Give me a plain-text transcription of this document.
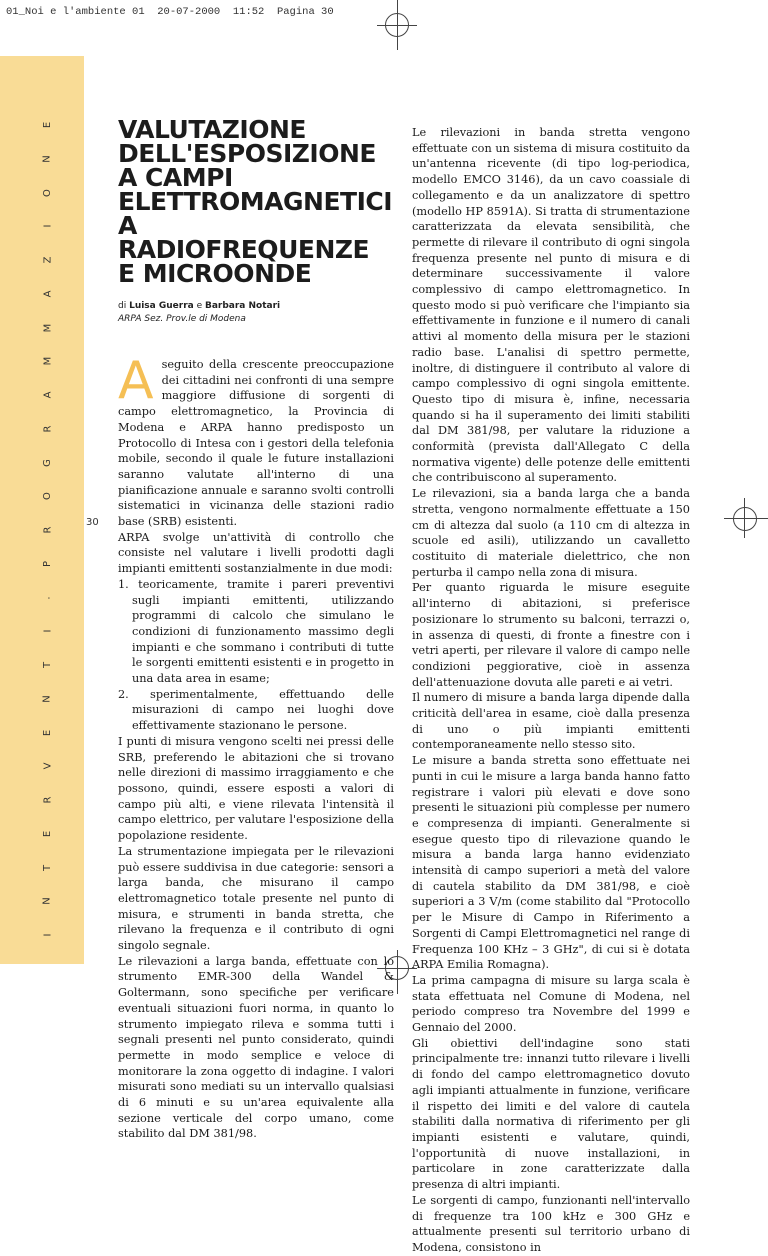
01_Noi e l'ambiente 01  20-07-2000  11:52  Pagina 30
I
N
T
E
R
V
E
N
T
I
.
P
R
O
G
R
A
M
M
A
Z
I
O
N
E
30
VALUTAZIONE
DELL'ESPOSIZIONE
A CAMPI
ELETTROMAGNETICI
A RADIOFREQUENZE
E MICROONDE
di Luisa Guerra e Barbara Notari
ARPA Sez. Prov.le di Modena

Aseguito della crescente preoccupazione dei cittadini nei confronti di una sempre maggiore diffusione di sorgenti di campo elettromagnetico, la Provincia di Modena e ARPA hanno predisposto un Protocollo di Intesa con i gestori della telefonia mobile, secondo il quale le future installazioni saranno valutate all'interno di una pianificazione annuale e saranno svolti controlli sistematici in vicinanza delle stazioni radio base (SRB) esistenti.

ARPA svolge un'attività di controllo che consiste nel valutare i livelli prodotti dagli impianti emittenti sostanzialmente in due modi:

1. teoricamente, tramite i pareri preventivi sugli impianti emittenti, utilizzando programmi di calcolo che simulano le condizioni di funzionamento massimo degli impianti e che sommano i contributi di tutte le sorgenti emittenti esistenti e in progetto in una data area in esame;
2. sperimentalmente, effettuando delle misurazioni di campo nei luoghi dove effettivamente stazionano le persone.

I punti di misura vengono scelti nei pressi delle SRB, preferendo le abitazioni che si trovano nelle direzioni di massimo irraggiamento e che possono, quindi, essere esposti a valori di campo più alti, e viene rilevata l'intensità il campo elettrico, per valutare l'esposizione della popolazione residente.

La strumentazione impiegata per le rilevazioni può essere suddivisa in due categorie: sensori a larga banda, che misurano il campo elettromagnetico totale presente nel punto di misura, e strumenti in banda stretta, che rilevano la frequenza e il contributo di ogni singolo segnale.

Le rilevazioni a larga banda, effettuate con lo strumento EMR-300 della Wandel & Goltermann, sono specifiche per verificare eventuali situazioni fuori norma, in quanto lo strumento impiegato rileva e somma tutti i segnali presenti nel punto considerato, quindi permette in modo semplice e veloce di monitorare la zona oggetto di indagine. I valori misurati sono mediati su un intervallo qualsiasi di 6 minuti e su un'area equivalente alla sezione verticale del corpo umano, come stabilito dal DM 381/98.

Le rilevazioni in banda stretta vengono effettuate con un sistema di misura costituito da un'antenna ricevente (di tipo log-periodica, modello EMCO 3146), da un cavo coassiale di collegamento e da un analizzatore di spettro (modello HP 8591A). Si tratta di strumentazione caratterizzata da elevata sensibilità, che permette di rilevare il contributo di ogni singola frequenza presente nel punto di misura e di determinare successivamente il valore complessivo di campo elettromagnetico. In questo modo si può verificare che l'impianto sia effettivamente in funzione e il numero di canali attivi al momento della misura per le stazioni radio base. L'analisi di spettro permette, inoltre, di distinguere il contributo al valore di campo complessivo di ogni singola emittente. Questo tipo di misura è, infine, necessaria quando si ha il superamento dei limiti stabiliti dal DM 381/98, per valutare la riduzione a conformità (prevista dall'Allegato C della normativa vigente) delle potenze delle emittenti che contribuiscono al superamento.

Le rilevazioni, sia a banda larga che a banda stretta, vengono normalmente effettuate a 150 cm di altezza dal suolo (a 110 cm di altezza in scuole ed asili), utilizzando un cavalletto costituito di materiale dielettrico, che non perturba il campo nella zona di misura.

Per quanto riguarda le misure eseguite all'interno di abitazioni, si preferisce posizionare lo strumento su balconi, terrazzi o, in assenza di questi, di fronte a finestre con i vetri aperti, per rilevare il valore di campo nelle condizioni peggiorative, cioè in assenza dell'attenuazione dovuta alle pareti e ai vetri.

Il numero di misure a banda larga dipende dalla criticità dell'area in esame, cioè dalla presenza di uno o più impianti emittenti contemporaneamente nello stesso sito.

Le misure a banda stretta sono effettuate nei punti in cui le misure a larga banda hanno fatto registrare i valori più elevati e dove sono presenti le situazioni più complesse per numero e compresenza di impianti. Generalmente si esegue questo tipo di rilevazione quando le misura a banda larga hanno evidenziato intensità di campo superiori a metà del valore di cautela stabilito da DM 381/98, e cioè superiori a 3 V/m (come stabilito dal "Protocollo per le Misure di Campo in Riferimento a Sorgenti di Campi Elettromagnetici nel range di Frequenza 100 KHz – 3 GHz", di cui si è dotata ARPA Emilia Romagna).

La prima campagna di misure su larga scala è stata effettuata nel Comune di Modena, nel periodo compreso tra Novembre del 1999 e Gennaio del 2000.

Gli obiettivi dell'indagine sono stati principalmente tre: innanzi tutto rilevare i livelli di fondo del campo elettromagnetico dovuto agli impianti attualmente in funzione, verificare il rispetto dei limiti e del valore di cautela stabiliti dalla normativa di riferimento per gli impianti esistenti e valutare, quindi, l'opportunità di nuove installazioni, in particolare in zone caratterizzate dalla presenza di altri impianti.

Le sorgenti di campo, funzionanti nell'intervallo di frequenze tra 100 kHz e 300 GHz e attualmente presenti sul territorio urbano di Modena, consistono in
